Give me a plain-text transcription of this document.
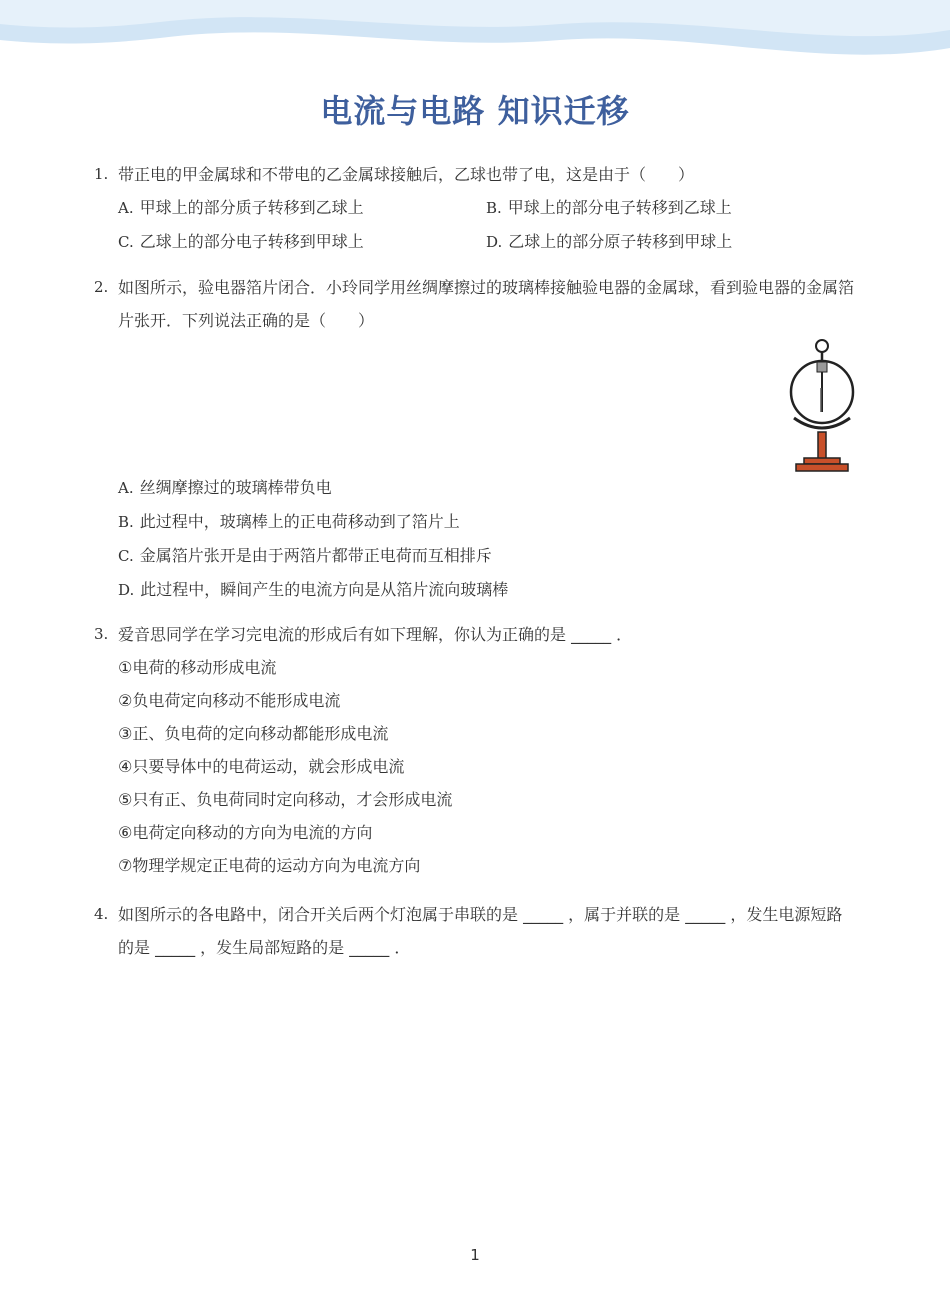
电流与电路 知识迁移
1. 带正电的甲金属球和不带电的乙金属球接触后，乙球也带了电，这是由于（　　）
A. 甲球上的部分质子转移到乙球上	B. 甲球上的部分电子转移到乙球上
C. 乙球上的部分电子转移到甲球上	D. 乙球上的部分原子转移到甲球上
2. 如图所示，验电器箔片闭合．小玲同学用丝绸摩擦过的玻璃棒接触验电器的金属球，看到验电器的金属箔片张开．下列说法正确的是（　　）
A. 丝绸摩擦过的玻璃棒带负电
B. 此过程中，玻璃棒上的正电荷移动到了箔片上
C. 金属箔片张开是由于两箔片都带正电荷而互相排斥
D. 此过程中，瞬间产生的电流方向是从箔片流向玻璃棒
3. 爱音思同学在学习完电流的形成后有如下理解，你认为正确的是 _____ ．
①电荷的移动形成电流
②负电荷定向移动不能形成电流
③正、负电荷的定向移动都能形成电流
④只要导体中的电荷运动，就会形成电流
⑤只有正、负电荷同时定向移动，才会形成电流
⑥电荷定向移动的方向为电流的方向
⑦物理学规定正电荷的运动方向为电流方向
4. 如图所示的各电路中，闭合开关后两个灯泡属于串联的是 _____ ，属于并联的是 _____ ，发生电源短路的是 _____ ，发生局部短路的是 _____ ．
1
